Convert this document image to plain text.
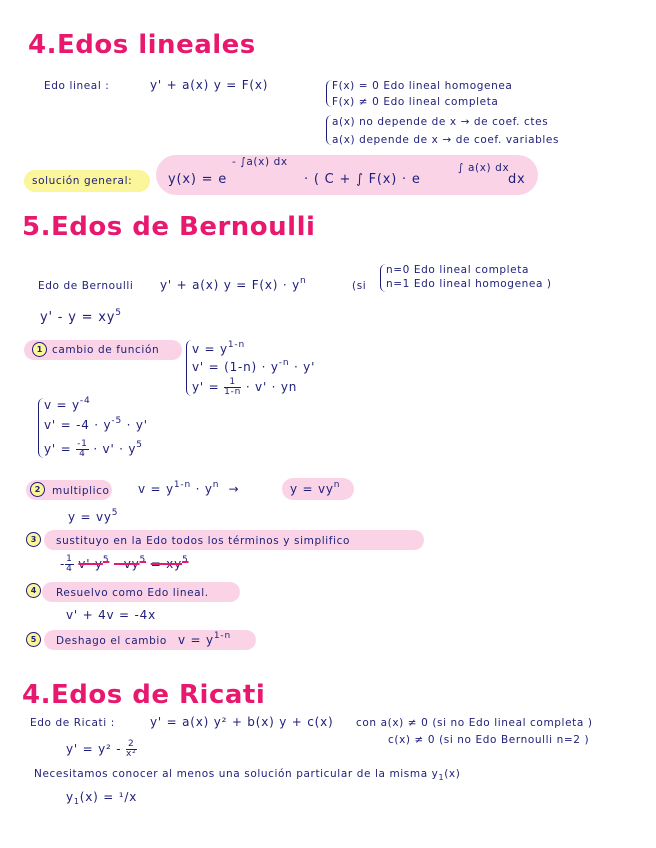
4.Edos lineales
Edo lineal :	y' + a(x) y = F(x)	F(x) = 0 Edo lineal homogenea
F(x) ≠ 0 Edo lineal completa
a(x) no depende de x → de coef. ctes
a(x) depende de x → de coef. variables
solución general:	y(x) = e
- ∫a(x) dx
· ( C + ∫ F(x) · e
∫ a(x) dx
dx
5.Edos de Bernoulli
Edo de Bernoulli y' + a(x) $y = F(x) \cdot y^n$	(si
n=0 Edo lineal completa
n=1 Edo lineal homogenea )
$y' - y = xy^5$
1 cambio de función	$v = y^{1-n}$
$v' = (1-n) \cdot y^{-n} \cdot y'$
$y' = \frac{1}{1-n} \cdot v'$ · yn
$v = y^{-4}$
$v' = -4 \cdot y^{-5} \cdot y'$
$y' = \frac{-1}{4} \cdot v' \cdot y^5$
2	multiplico $v = y^{1-n} \cdot y^n$ →	$y = vy^n$
$y = vy^5$
3	sustituyo en la Edo todos los términos y simplifico
- $\frac{1}{4} v'$ $y^5 - vy^5 = xy^5$
4	Resuelvo como Edo lineal.
v' + 4v = -4x
5	Deshago el cambio $v = y^{1-n}$
4.Edos de Ricati
Edo de Ricati :	y' = a(x) y² + b(x) y + c(x) con a(x) ≠ 0 (si no Edo lineal completa )
c(x) ≠ 0 (si no Edo Bernoulli n=2 )
$y' = y^2 - \frac{2}{\text{x²}}$
Necesitamos conocer al menos una solución particular de la misma $y_1(x)$
$y_1(x) = ^1/x$
